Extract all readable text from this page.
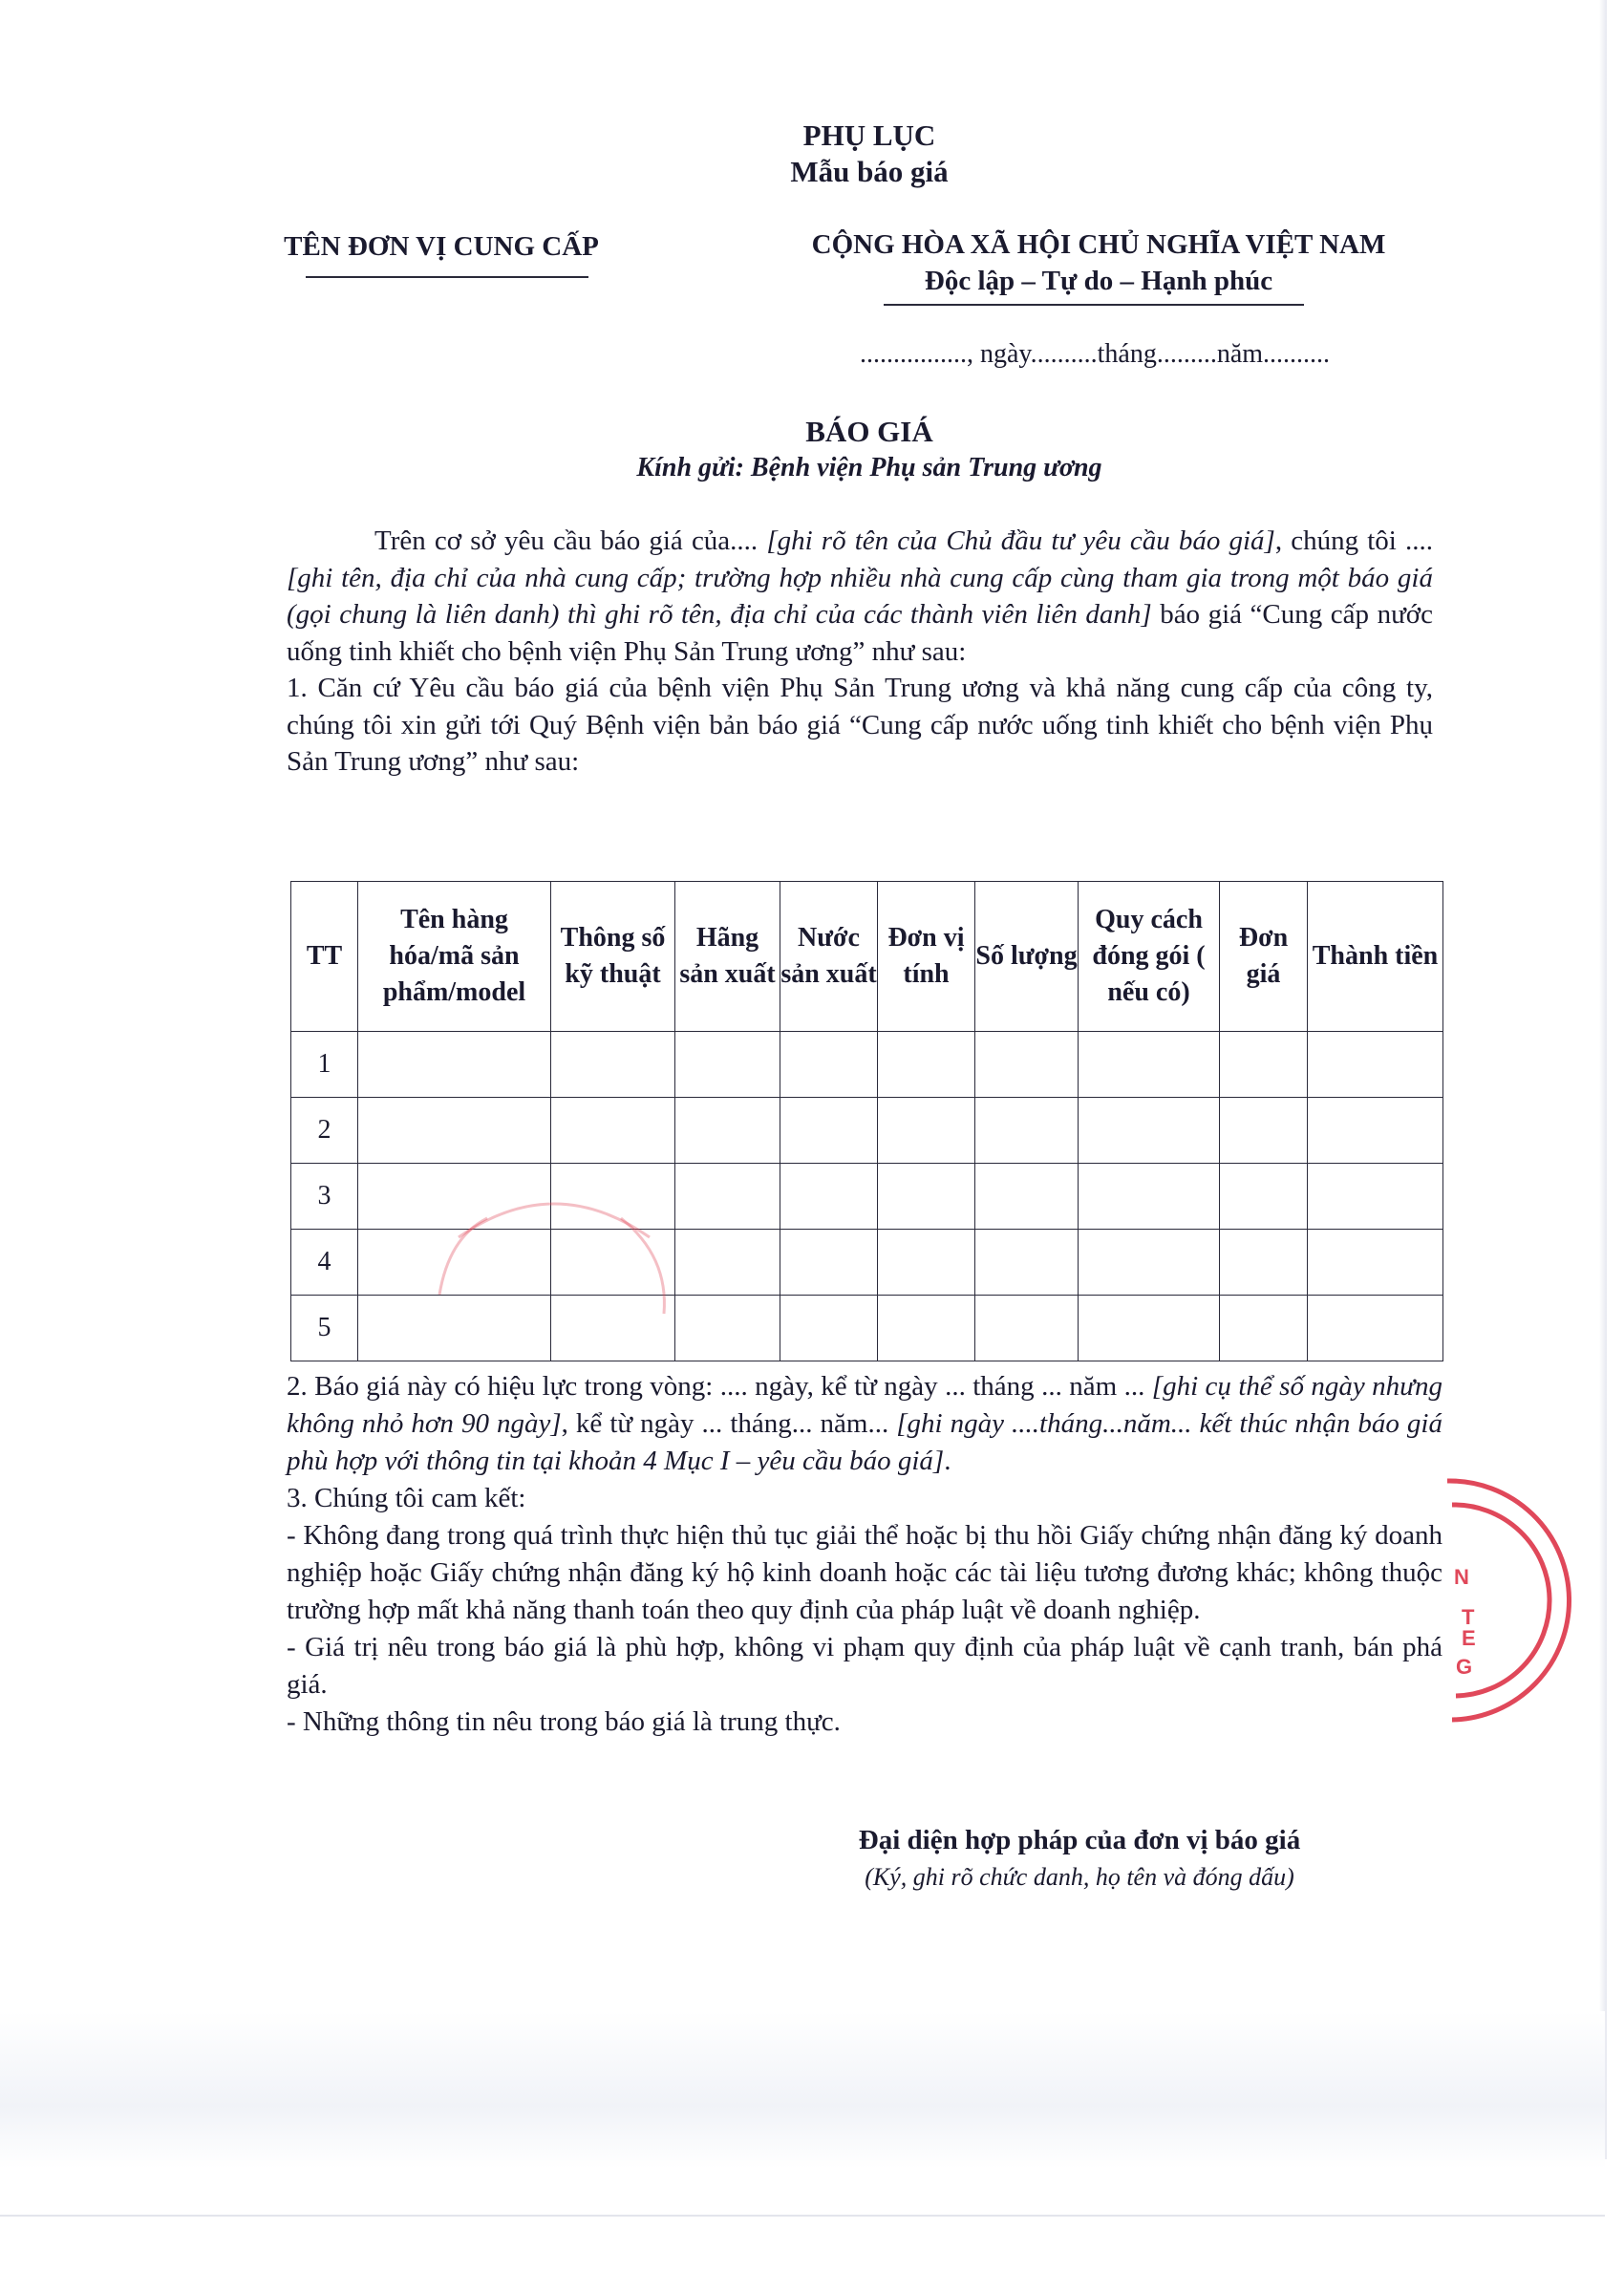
PHỤ LỤC
Mẫu báo giá
TÊN ĐƠN VỊ CUNG CẤP	CỘNG HÒA XÃ HỘI CHỦ NGHĨA VIỆT NAM
Độc lập – Tự do – Hạnh phúc
................, ngày..........tháng.........năm..........
BÁO GIÁ
Kính gửi: Bệnh viện Phụ sản Trung ương

Trên cơ sở yêu cầu báo giá của.... [ghi rõ tên của Chủ đầu tư yêu cầu báo giá], chúng tôi .... [ghi tên, địa chỉ của nhà cung cấp; trường hợp nhiều nhà cung cấp cùng tham gia trong một báo giá (gọi chung là liên danh) thì ghi rõ tên, địa chỉ của các thành viên liên danh] báo giá “Cung cấp nước uống tinh khiết cho bệnh viện Phụ Sản Trung ương” như sau:

1. Căn cứ Yêu cầu báo giá của bệnh viện Phụ Sản Trung ương và khả năng cung cấp của công ty, chúng tôi xin gửi tới Quý Bệnh viện bản báo giá “Cung cấp nước uống tinh khiết cho bệnh viện Phụ Sản Trung ương” như sau:

TT	Tên hàng hóa/mã sản phẩm/model	Thông số kỹ thuật	Hãng sản xuất	Nước sản xuất	Đơn vị tính	Số lượng	Quy cách đóng gói ( nếu có)	Đơn giá	Thành tiền
1									
2									
3									
4									
5									

2. Báo giá này có hiệu lực trong vòng: .... ngày, kể từ ngày ... tháng ... năm ... [ghi cụ thể số ngày nhưng không nhỏ hơn 90 ngày], kể từ ngày ... tháng... năm... [ghi ngày ....tháng...năm... kết thúc nhận báo giá phù hợp với thông tin tại khoản 4 Mục I – yêu cầu báo giá].

3. Chúng tôi cam kết:

- Không đang trong quá trình thực hiện thủ tục giải thể hoặc bị thu hồi Giấy chứng nhận đăng ký doanh nghiệp hoặc Giấy chứng nhận đăng ký hộ kinh doanh hoặc các tài liệu tương đương khác; không thuộc trường hợp mất khả năng thanh toán theo quy định của pháp luật về doanh nghiệp.

- Giá trị nêu trong báo giá là phù hợp, không vi phạm quy định của pháp luật về cạnh tranh, bán phá giá.

- Những thông tin nêu trong báo giá là trung thực.

Đại diện hợp pháp của đơn vị báo giá
(Ký, ghi rõ chức danh, họ tên và đóng dấu)
N
T
E
G
